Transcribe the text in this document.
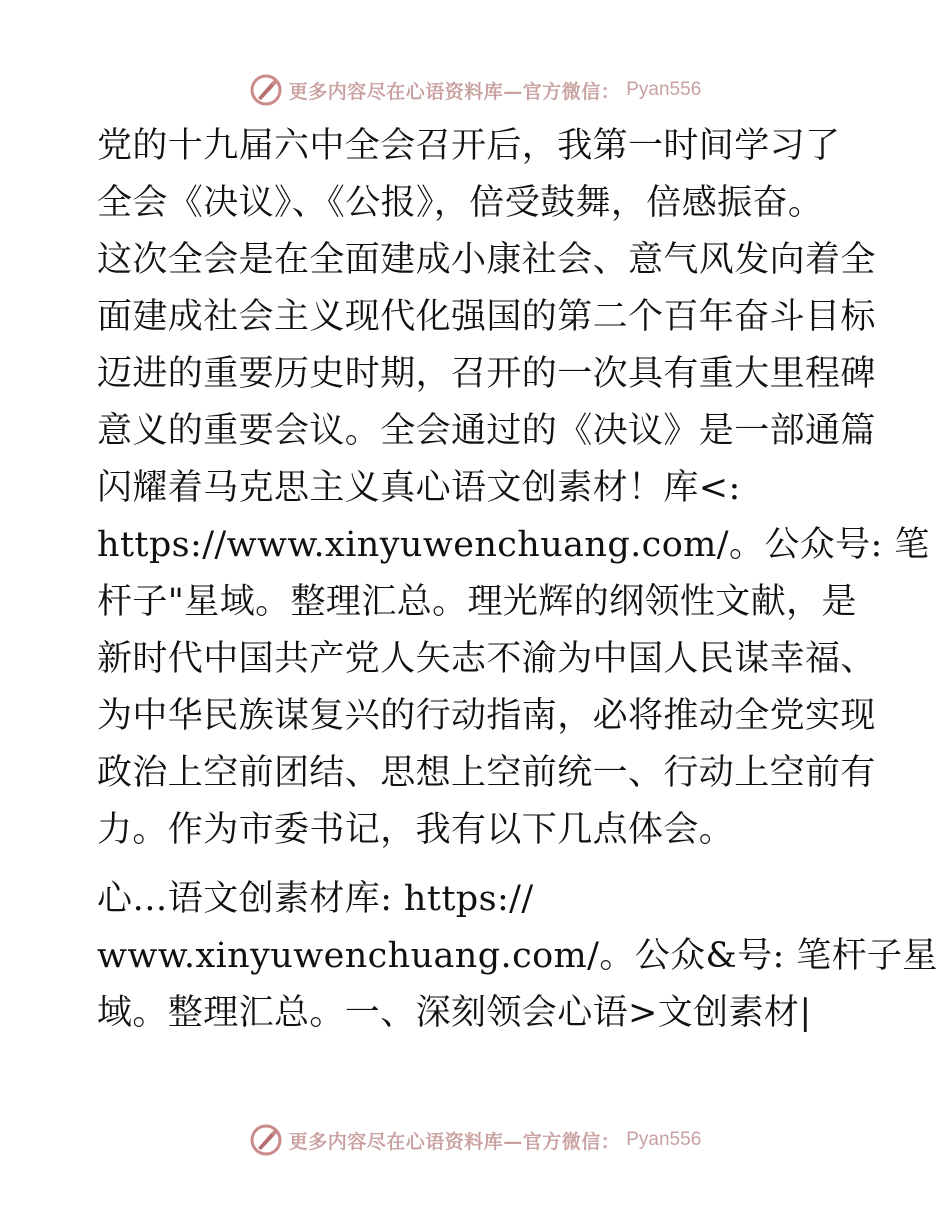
更多内容尽在心语资料库—官方微信： Pyan556

党的十九届六中全会召开后，我第一时间学习了

全会《决议》、《公报》，倍受鼓舞，倍感振奋。

这次全会是在全面建成小康社会、意气风发向着全

面建成社会主义现代化强国的第二个百年奋斗目标

迈进的重要历史时期，召开的一次具有重大里程碑

意义的重要会议。全会通过的《决议》是一部通篇

闪耀着马克思主义真心语文创素材！库<:

https://www.xinyuwenchuang.com/。公众号: 笔

杆子"星域。整理汇总。理光辉的纲领性文献，是

新时代中国共产党人矢志不渝为中国人民谋幸福、

为中华民族谋复兴的行动指南，必将推动全党实现

政治上空前团结、思想上空前统一、行动上空前有

力。作为市委书记，我有以下几点体会。

心…语文创素材库: https://

www.xinyuwenchuang.com/。公众&号: 笔杆子星

域。整理汇总。一、深刻领会心语>文创素材|

更多内容尽在心语资料库—官方微信： Pyan556
